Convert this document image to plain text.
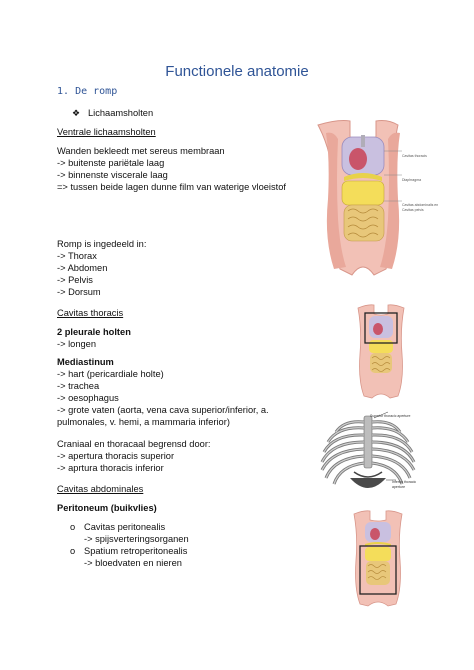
Functionele anatomie
1. De romp
❖ Lichaamsholten
Ventrale lichaamsholten
Wanden bekleedt met sereus membraan
-> buitenste pariëtale laag
-> binnenste viscerale laag
=> tussen beide lagen dunne film van waterige vloeistof
Romp is ingedeeld in:
-> Thorax
-> Abdomen
-> Pelvis
-> Dorsum
Cavitas thoracis
2 pleurale holten
-> longen
Mediastinum
-> hart (pericardiale holte)
-> trachea
-> oesophagus
-> grote vaten (aorta, vena cava superior/inferior, a.
pulmonales, v. hemi, a mammaria inferior)
Craniaal en thoracaal begrensd door:
-> apertura thoracis superior
-> aprtura thoracis inferior
Cavitas abdominales
Peritoneum (buikvlies)
o Cavitas peritonealis
-> spijsverteringsorganen
o Spatium retroperitonealis
-> bloedvaten en nieren
Cavitas thoracis
Diaphragma
Cavitas abdominalis en
Cavitas pelvis
Superior thoracic aperture
Inferior thoracic
aperture
